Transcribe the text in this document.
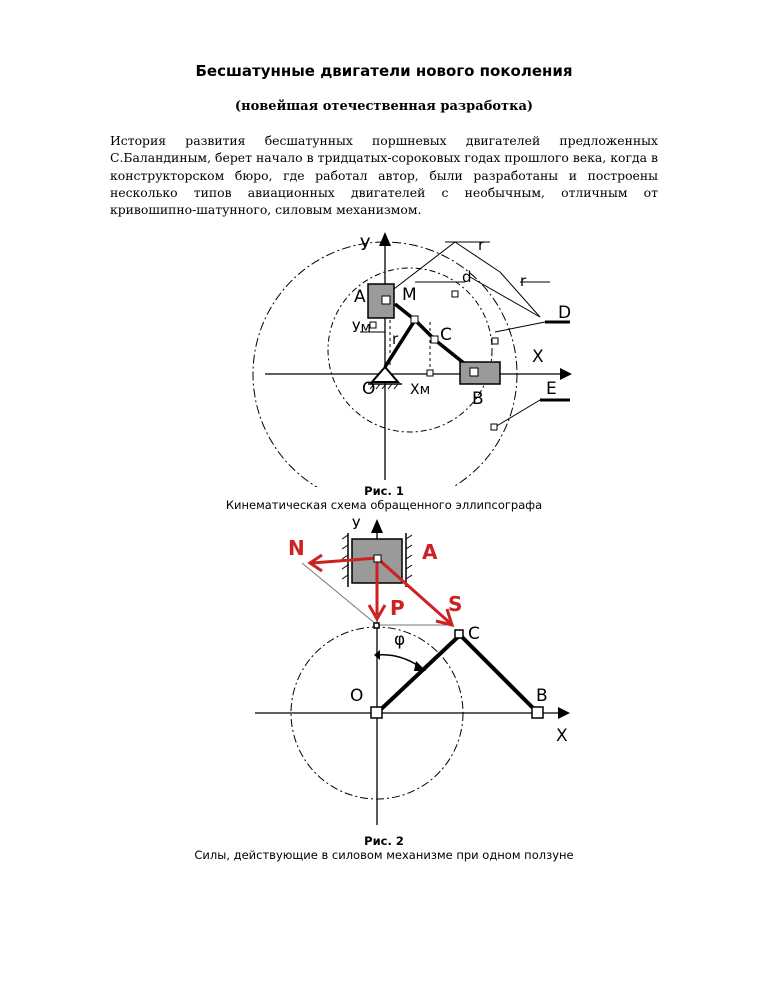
Бесшатунные двигатели нового поколения
(новейшая отечественная разработка)
История развития бесшатунных поршневых двигателей предложенных С.Баландиным, берет начало в тридцатых-сороковых годах прошлого века, когда в конструкторском бюро, где работал автор, были разработаны и построены несколько типов авиационных двигателей с необычным, отличным от кривошипно-шатунного, силовым механизмом.
У
А М
Ум
r С
О Хм В
Х
r
r
d
D
Е
Рис. 1
Кинематическая схема обращенного эллипсографа
У
N	А
Р S
С
φ
О	В
Х
Рис. 2
Силы, действующие в силовом механизме при одном ползуне
